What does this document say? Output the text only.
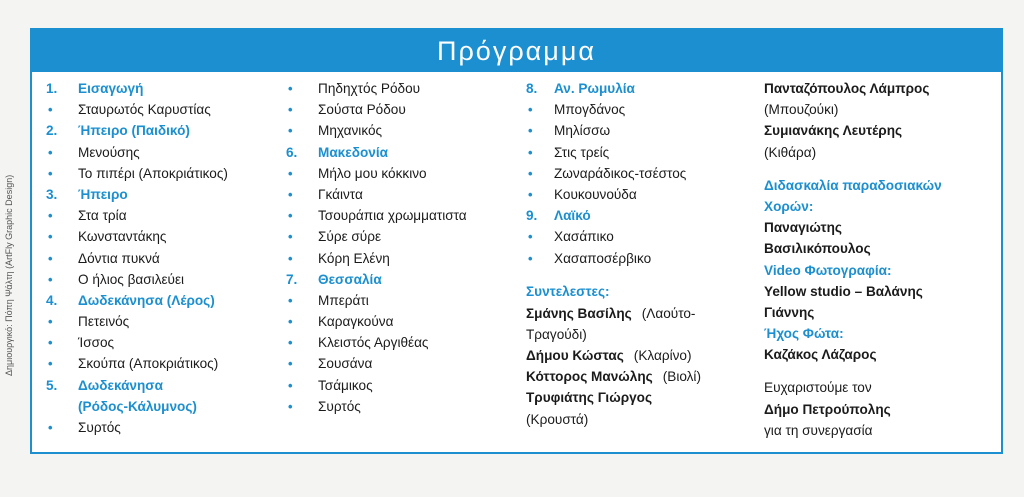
Δημιουργικό: Πόπη Ψάλτη (ArtFly Graphic Design)
Πρόγραμμα
1. Εισαγωγή
• Σταυρωτός Καρυστίας
2. Ήπειρο (Παιδικό)
• Μενούσης
• Το πιπέρι (Αποκριάτικος)
3. Ήπειρο
• Στα τρία
• Κωνσταντάκης
• Δόντια πυκνά
• Ο ήλιος βασιλεύει
4. Δωδεκάνησα (Λέρος)
• Πετεινός
• Ίσσος
• Σκούπα (Αποκριάτικος)
5. Δωδεκάνησα
(Ρόδος-Κάλυμνος)
• Συρτός
• Πηδηχτός Ρόδου
• Σούστα Ρόδου
• Μηχανικός
6. Μακεδονία
• Μήλο μου κόκκινο
• Γκάιντα
• Τσουράπια χρωμματιστα
• Σύρε σύρε
• Κόρη Ελένη
7. Θεσσαλία
• Μπεράτι
• Καραγκούνα
• Κλειστός Αργιθέας
• Σουσάνα
• Τσάμικος
• Συρτός
8. Αν. Ρωμυλία
• Μπογδάνος
• Μηλίσσω
• Στις τρείς
• Ζωναράδικος-τσέστος
• Κουκουνούδα
9. Λαϊκό
• Χασάπικο
• Χασαποσέρβικο
Συντελεστες:
Σμάνης Βασίλης (Λαούτο-
Τραγούδι)
Δήμου Κώστας (Κλαρίνο)
Κόττορος Μανώλης (Βιολί)
Τρυφιάτης Γιώργος
(Κρουστά)
Πανταζόπουλος Λάμπρος
(Μπουζούκι)
Συμιανάκης Λευτέρης
(Κιθάρα)
Διδασκαλία παραδοσιακών
Χορών:
Παναγιώτης
Βασιλικόπουλος
Video Φωτογραφία:
Yellow studio – Βαλάνης
Γιάννης
Ήχος Φώτα:
Καζάκος Λάζαρος
Ευχαριστούμε τον
Δήμο Πετρούπολης
για τη συνεργασία
